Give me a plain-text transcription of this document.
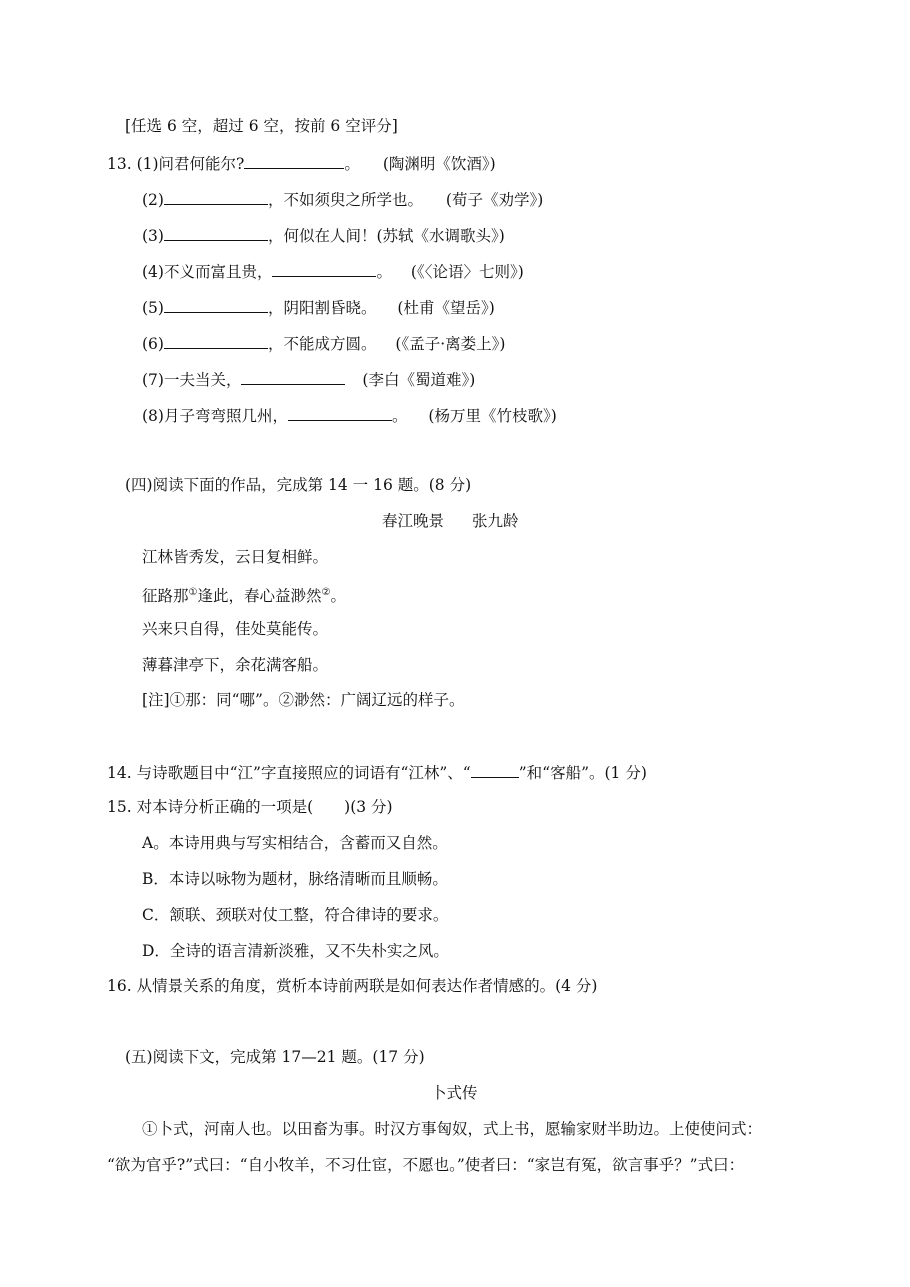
[任选 6 空，超过 6 空，按前 6 空评分]
13. (1)问君何能尔?	。 (陶渊明《饮酒》)
(2)	，不如须臾之所学也。 (荀子《劝学》)
(3)	，何似在人间！(苏轼《水调歌头》)
(4)不义而富且贵，	。 (《〈论语〉七则》)
(5)	，阴阳割昏晓。 (杜甫《望岳》)
(6)	，不能成方圆。 (《孟子·离娄上》)
(7)一夫当关，	(李白《蜀道难》)
(8)月子弯弯照几州，	。 (杨万里《竹枝歌》)
(四)阅读下面的作品，完成第 14 一 16 题。(8 分)
春江晚景 张九龄
江林皆秀发，云日复相鲜。
征路那①逢此，春心益渺然②。
兴来只自得，佳处莫能传。
薄暮津亭下，余花满客船。
[注]①那：同“哪”。②渺然：广阔辽远的样子。
14. 与诗歌题目中“江”字直接照应的词语有“江林”、“	”和“客船”。(1 分)
15. 对本诗分析正确的一项是(　　)(3 分)
A。本诗用典与写实相结合，含蓄而又自然。
B．本诗以咏物为题材，脉络清晰而且顺畅。
C．颔联、颈联对仗工整，符合律诗的要求。
D．全诗的语言清新淡雅，又不失朴实之风。
16. 从情景关系的角度，赏析本诗前两联是如何表达作者情感的。(4 分)
(五)阅读下文，完成第 17—21 题。(17 分)
卜式传
①卜式，河南人也。以田畜为事。时汉方事匈奴，式上书，愿输家财半助边。上使使问式：
“欲为官乎?”式曰：“自小牧羊，不习仕宦，不愿也。”使者曰：“家岂有冤，欲言事乎？”式曰：
